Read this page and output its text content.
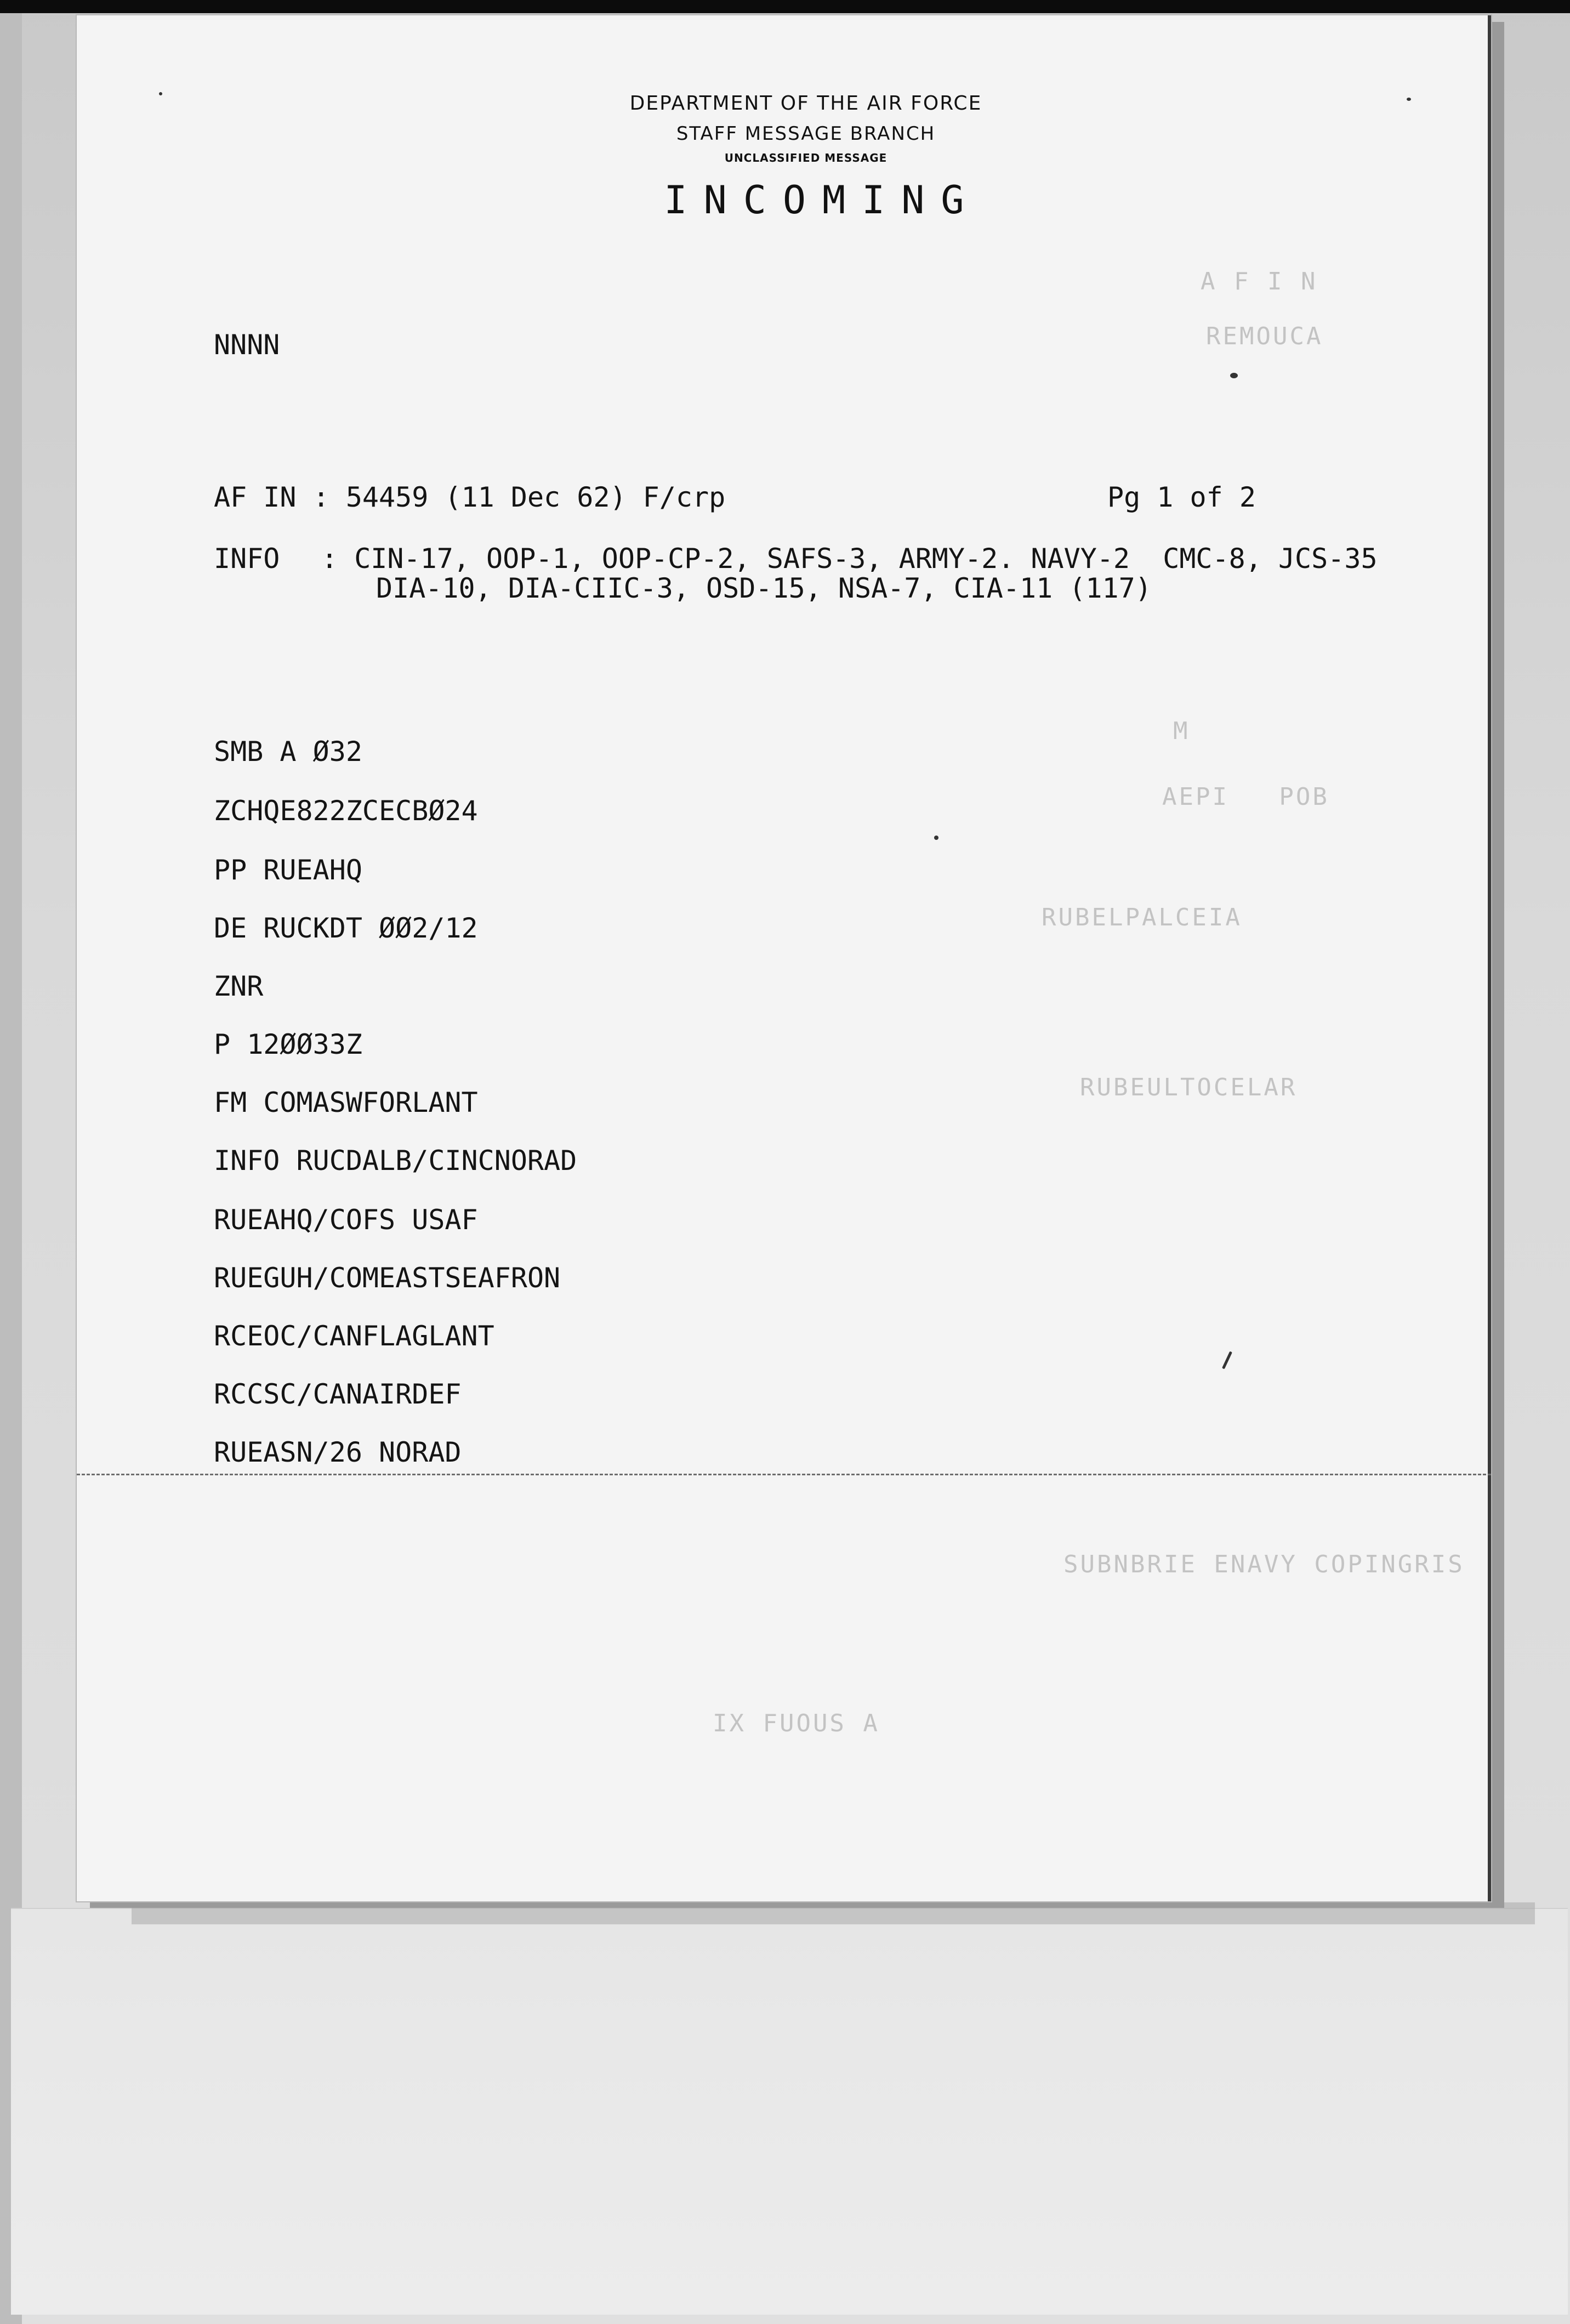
A F I N
REMOUCA
M
AEPI   POB
RUBELPALCEIA
RUBEULTOCELAR
SUBNBRIE ENAVY COPINGRIS
IX FUOUS A
DEPARTMENT OF THE AIR FORCE
STAFF MESSAGE BRANCH
UNCLASSIFIED MESSAGE
INCOMING
NNNN
AF IN : 54459 (11 Dec 62) F/crp	Pg 1 of 2
INFO : CIN-17, OOP-1, OOP-CP-2, SAFS-3, ARMY-2. NAVY-2  CMC-8, JCS-35
DIA-10, DIA-CIIC-3, OSD-15, NSA-7, CIA-11 (117)
SMB A Ø32
ZCHQE822ZCECBØ24
PP RUEAHQ
DE RUCKDT ØØ2/12
ZNR
P 12ØØ33Z
FM COMASWFORLANT
INFO RUCDALB/CINCNORAD
RUEAHQ/COFS USAF
RUEGUH/COMEASTSEAFRON
RCEOC/CANFLAGLANT
RCCSC/CANAIRDEF
RUEASN/26 NORAD
